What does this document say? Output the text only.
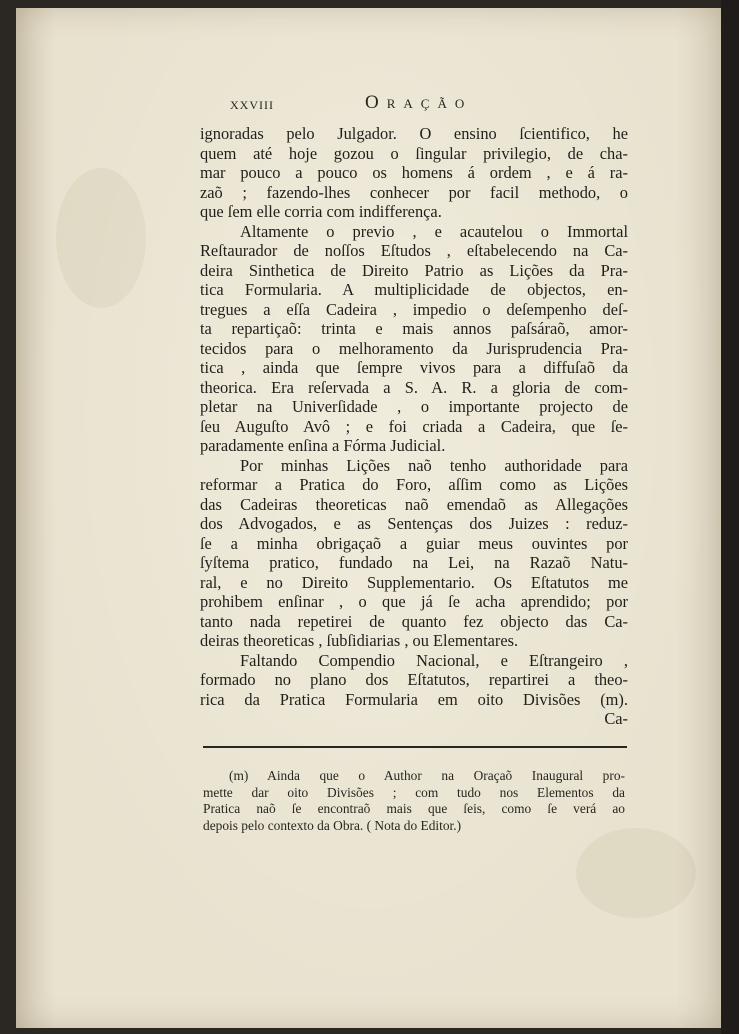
XXVIII	Oração

ignoradas pelo Julgador. O ensino ſcientifico, he
quem até hoje gozou o ſingular privilegio, de cha-
mar pouco a pouco os homens á ordem , e á ra-
zaõ ; fazendo-lhes conhecer por facil methodo, o
que ſem elle corria com indifferença.

Altamente o previo , e acautelou o Immortal
Reſtaurador de noſſos Eſtudos , eſtabelecendo na Ca-
deira Sinthetica de Direito Patrio as Lições da Pra-
tica Formularia. A multiplicidade de objectos, en-
tregues a eſſa Cadeira , impedio o deſempenho deſ-
ta repartiçaõ: trinta e mais annos paſsáraõ, amor-
tecidos para o melhoramento da Jurisprudencia Pra-
tica , ainda que ſempre vivos para a diffuſaõ da
theorica. Era reſervada a S. A. R. a gloria de com-
pletar na Univerſidade , o importante projecto de
ſeu Auguſto Avô ; e foi criada a Cadeira, que ſe-
paradamente enſina a Fórma Judicial.

Por minhas Lições naõ tenho authoridade para
reformar a Pratica do Foro, aſſim como as Lições
das Cadeiras theoreticas naõ emendaõ as Allegações
dos Advogados, e as Sentenças dos Juizes : reduz-
ſe a minha obrigaçaõ a guiar meus ouvintes por
ſyſtema pratico, fundado na Lei, na Razaõ Natu-
ral, e no Direito Supplementario. Os Eſtatutos me
prohibem enſinar , o que já ſe acha aprendido; por
tanto nada repetirei de quanto fez objecto das Ca-
deiras theoreticas , ſubſidiarias , ou Elementares.

Faltando Compendio Nacional, e Eſtrangeiro ,
formado no plano dos Eſtatutos, repartirei a theo-
rica da Pratica Formularia em oito Divisões (m).
Ca-

(m) Ainda que o Author na Oraçaõ Inaugural pro-
mette dar oito Divisões ; com tudo nos Elementos da
Pratica naõ ſe encontraõ mais que ſeis, como ſe verá ao
depois pelo contexto da Obra. ( Nota do Editor.)
